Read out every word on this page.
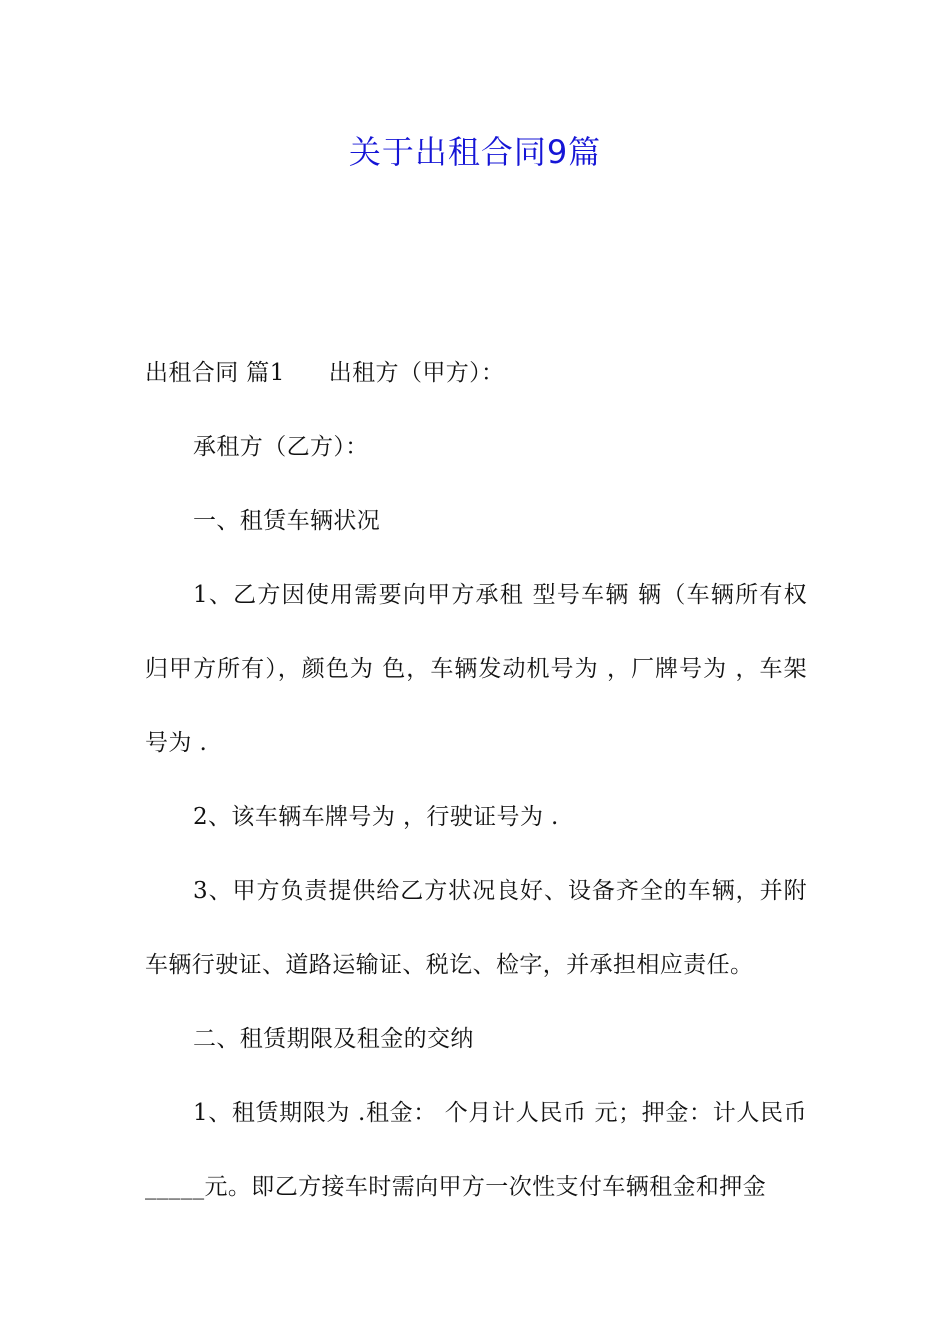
关于出租合同9篇

出租合同 篇1 出租方（甲方）：

承租方（乙方）：

一、租赁车辆状况

1、乙方因使用需要向甲方承租 型号车辆 辆（车辆所有权归甲方所有），颜色为 色，车辆发动机号为 ，厂牌号为 ，车架号为 .

2、该车辆车牌号为 ，行驶证号为 .

3、甲方负责提供给乙方状况良好、设备齐全的车辆，并附车辆行驶证、道路运输证、税讫、检字，并承担相应责任。

二、租赁期限及租金的交纳

1、租赁期限为 .租金： 个月计人民币 元；押金：计人民币_____元。即乙方接车时需向甲方一次性支付车辆租金和押金
